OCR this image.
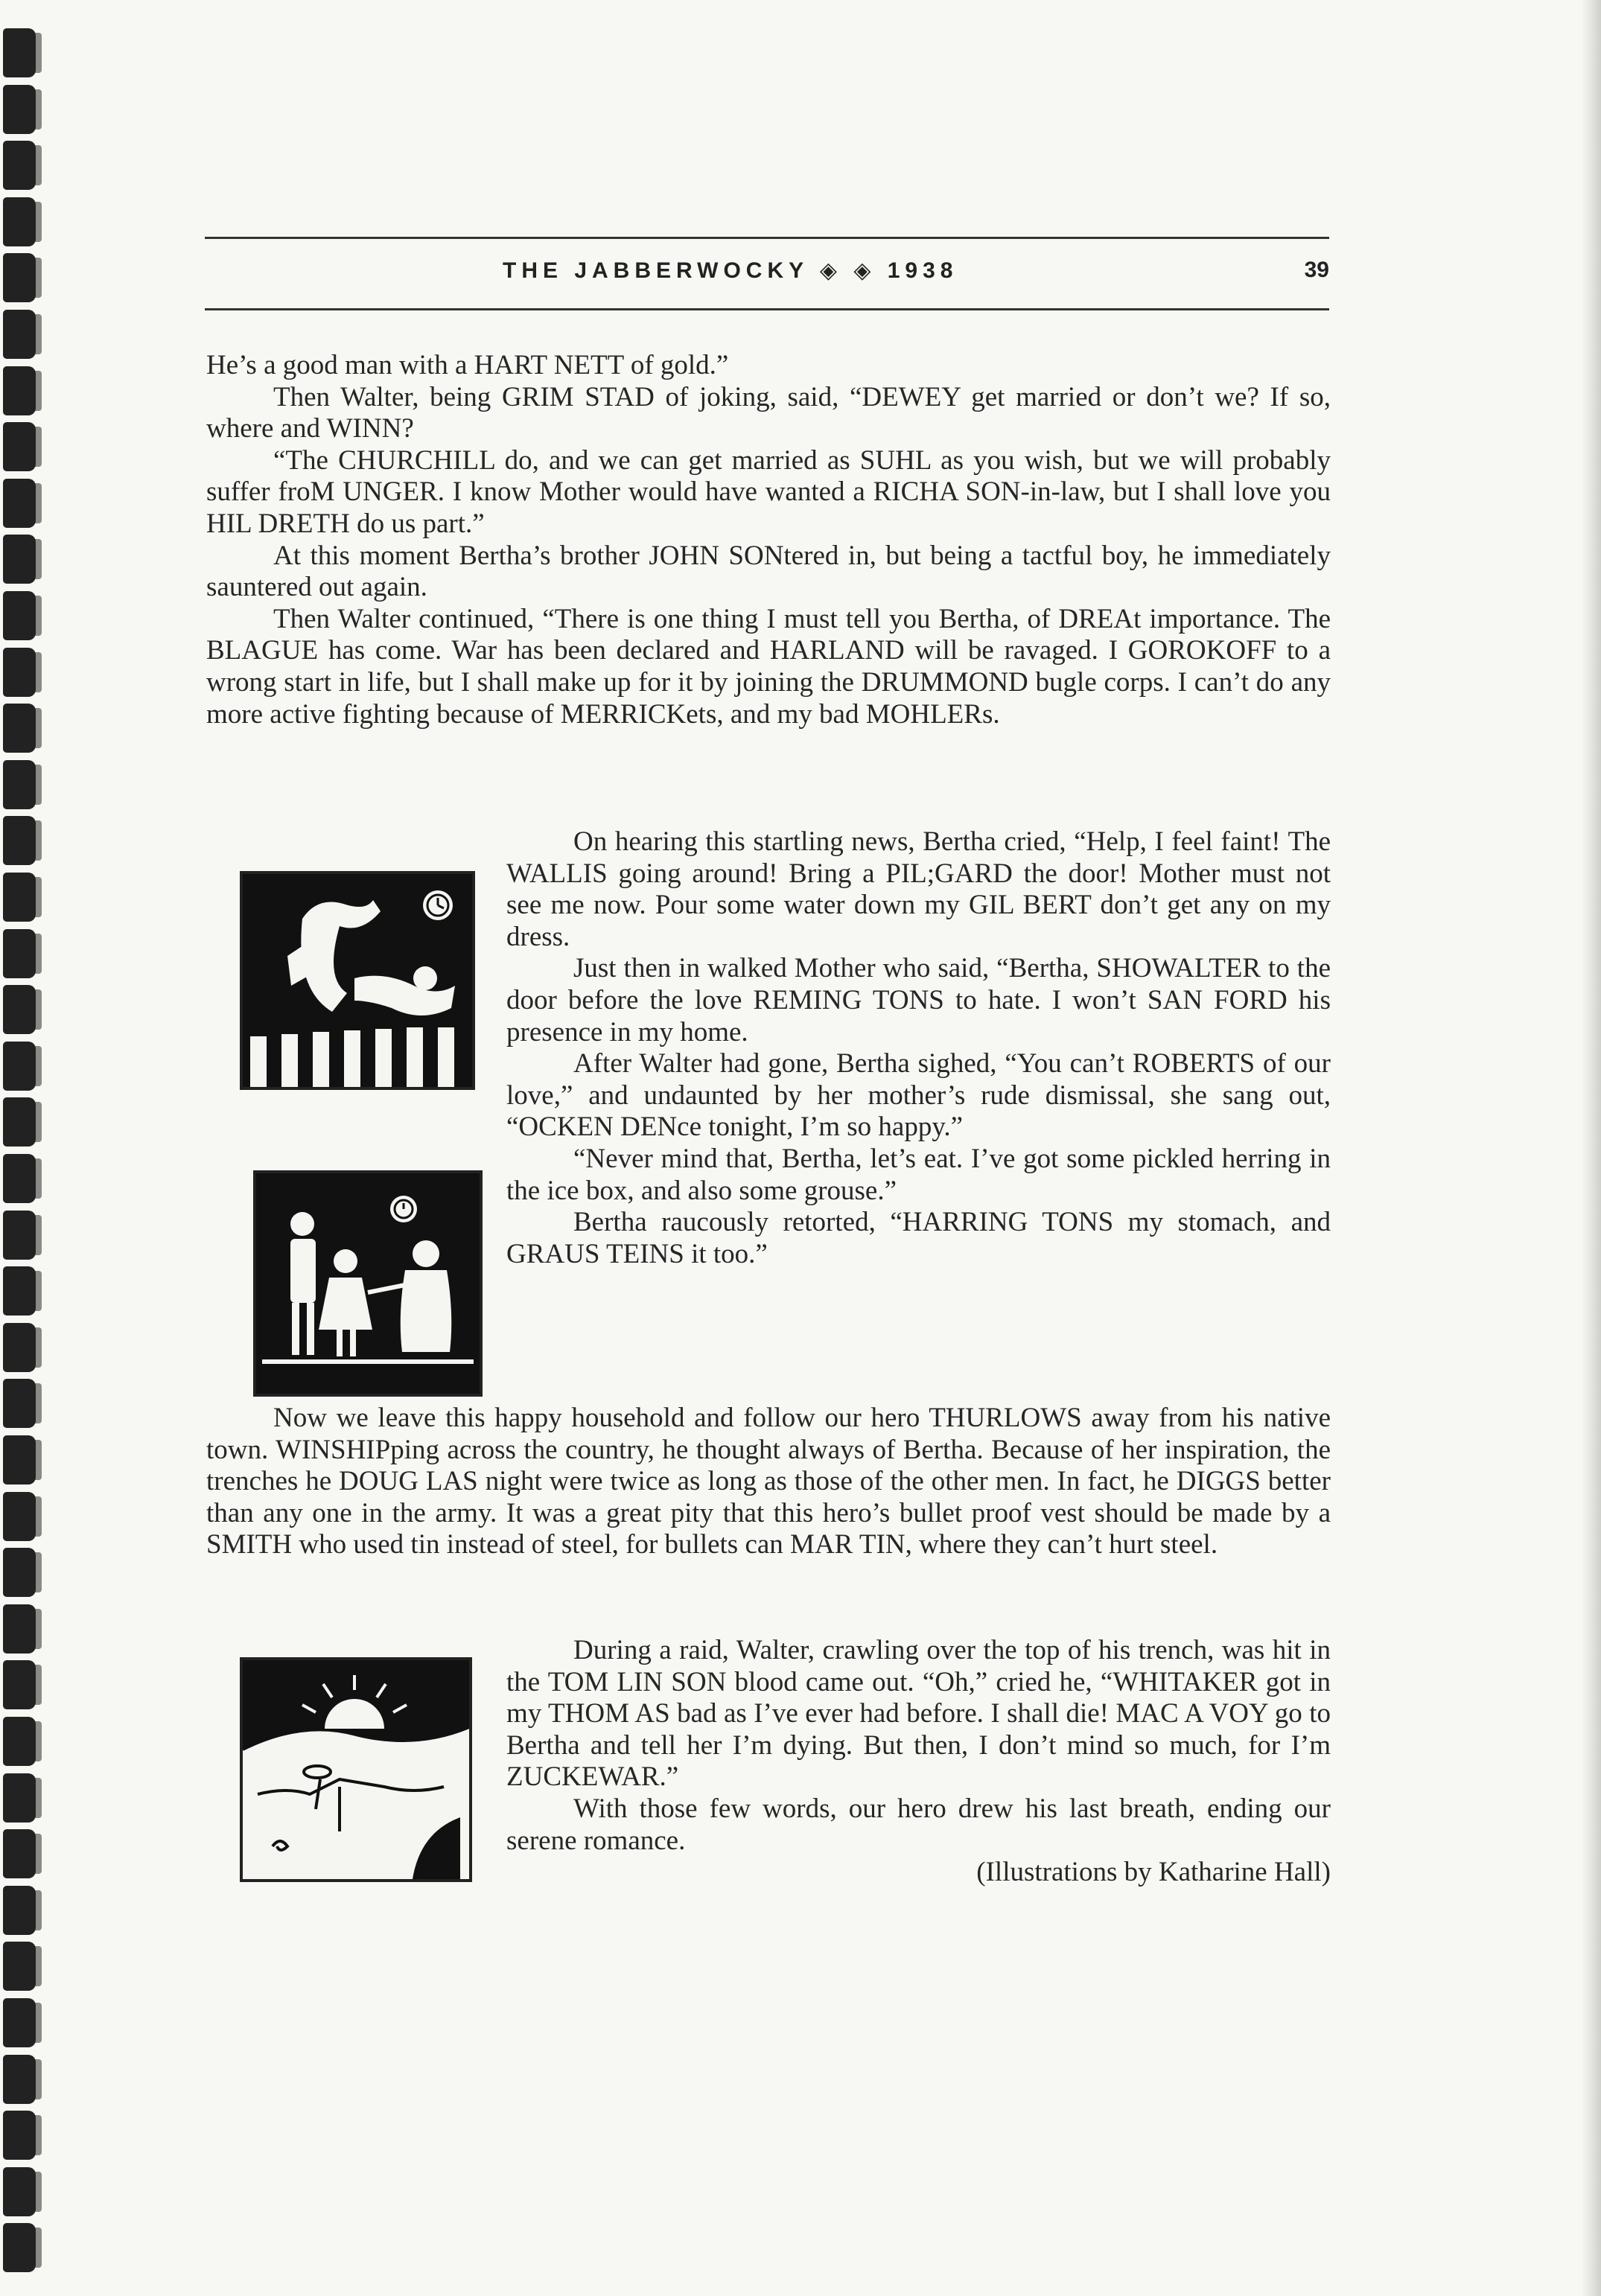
THE JABBERWOCKY ◈ ◈ 1938	39

He’s a good man with a HART NETT of gold.”

Then Walter, being GRIM STAD of joking, said, “DEWEY get married or don’t we? If so, where and WINN?

“The CHURCHILL do, and we can get married as SUHL as you wish, but we will probably suffer froM UNGER. I know Mother would have wanted a RICHA SON-in-law, but I shall love you HIL DRETH do us part.”

At this moment Bertha’s brother JOHN SONtered in, but being a tactful boy, he immediately sauntered out again.

Then Walter continued, “There is one thing I must tell you Bertha, of DREAt importance. The BLAGUE has come. War has been declared and HARLAND will be ravaged. I GOROKOFF to a wrong start in life, but I shall make up for it by joining the DRUMMOND bugle corps. I can’t do any more active fighting because of MERRICKets, and my bad MOHLERs.

On hearing this startling news, Bertha cried, “Help, I feel faint! The WALLIS going around! Bring a PIL;GARD the door! Mother must not see me now. Pour some water down my GIL BERT don’t get any on my dress.

Just then in walked Mother who said, “Bertha, SHOWALTER to the door before the love REMING TONS to hate. I won’t SAN FORD his presence in my home.

After Walter had gone, Bertha sighed, “You can’t ROBERTS of our love,” and undaunted by her mother’s rude dismissal, she sang out, “OCKEN DENce tonight, I’m so happy.”

“Never mind that, Bertha, let’s eat. I’ve got some pickled herring in the ice box, and also some grouse.”

Bertha raucously retorted, “HARRING TONS my stomach, and GRAUS TEINS it too.”

Now we leave this happy household and follow our hero THURLOWS away from his native town. WINSHIPping across the country, he thought always of Bertha. Because of her inspiration, the trenches he DOUG LAS night were twice as long as those of the other men. In fact, he DIGGS better than any one in the army. It was a great pity that this hero’s bullet proof vest should be made by a SMITH who used tin instead of steel, for bullets can MAR TIN, where they can’t hurt steel.

During a raid, Walter, crawling over the top of his trench, was hit in the TOM LIN SON blood came out. “Oh,” cried he, “WHITAKER got in my THOM AS bad as I’ve ever had before. I shall die! MAC A VOY go to Bertha and tell her I’m dying. But then, I don’t mind so much, for I’m ZUCKEWAR.”

With those few words, our hero drew his last breath, ending our serene romance.

(Illustrations by Katharine Hall)
